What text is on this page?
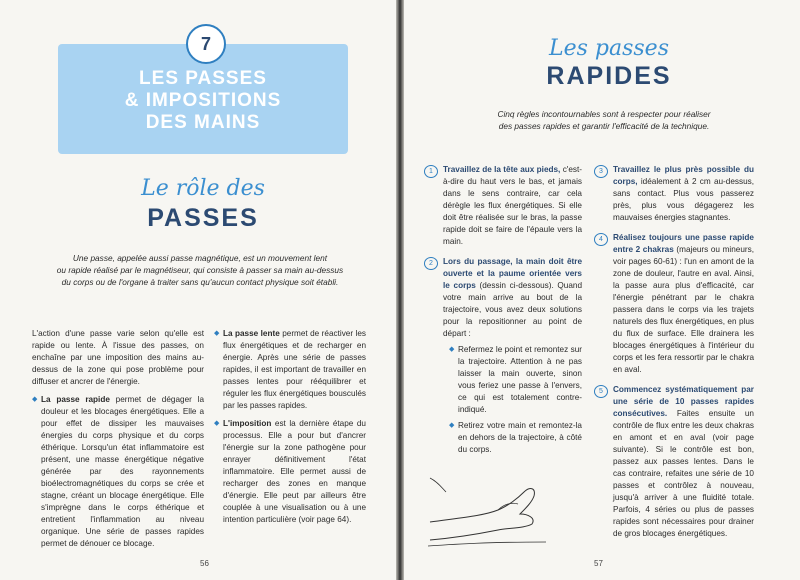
7
LES PASSES
& IMPOSITIONS
DES MAINS
Le rôle des
PASSES
Une passe, appelée aussi passe magnétique, est un mouvement lent
ou rapide réalisé par le magnétiseur, qui consiste à passer sa main au-dessus
du corps ou de l'organe à traiter sans qu'aucun contact physique soit établi.

L'action d'une passe varie selon qu'elle est rapide ou lente. À l'issue des passes, on enchaîne par une imposition des mains au-dessus de la zone qui pose problème pour diffuser et ancrer de l'énergie.

◆ La passe rapide permet de dégager la douleur et les blocages énergétiques. Elle a pour effet de dissiper les mauvaises énergies du corps physique et du corps éthérique. Lorsqu'un état inflammatoire est présent, une masse énergétique négative générée par des rayonnements bioélectromagnétiques du corps se crée et stagne, créant un blocage énergétique. Elle s'imprègne dans le corps éthérique et entretient l'inflammation au niveau organique. Une série de passes rapides permet de dénouer ce blocage.
◆ La passe lente permet de réactiver les flux énergétiques et de recharger en énergie. Après une série de passes rapides, il est important de travailler en passes lentes pour rééquilibrer et réguler les flux énergétiques bousculés par les passes rapides.
◆ L'imposition est la dernière étape du processus. Elle a pour but d'ancrer l'énergie sur la zone pathogène pour enrayer définitivement l'état inflammatoire. Elle permet aussi de recharger des zones en manque d'énergie. Elle peut par ailleurs être couplée à une visualisation ou à une intention particulière (voir page 64).
56
Les passes
RAPIDES
Cinq règles incontournables sont à respecter pour réaliser
des passes rapides et garantir l'efficacité de la technique.
1	Travaillez de la tête aux pieds, c'est-à-dire du haut vers le bas, et jamais dans le sens contraire, car cela dérègle les flux énergétiques. Si elle doit être réalisée sur le bras, la passe rapide doit se faire de l'épaule vers la main.
2	Lors du passage, la main doit être ouverte et la paume orientée vers le corps (dessin ci-dessous). Quand votre main arrive au bout de la trajectoire, vous avez deux solutions pour la repositionner au point de départ :
◆ Refermez le point et remontez sur la trajectoire. Attention à ne pas laisser la main ouverte, sinon vous feriez une passe à l'envers, ce qui est totalement contre-indiqué.
◆ Retirez votre main et remontez-la en dehors de la trajectoire, à côté du corps.
3	Travaillez le plus près possible du corps, idéalement à 2 cm au-dessus, sans contact. Plus vous passerez près, plus vous dégagerez les mauvaises énergies stagnantes.
4	Réalisez toujours une passe rapide entre 2 chakras (majeurs ou mineurs, voir pages 60-61) : l'un en amont de la zone de douleur, l'autre en aval. Ainsi, la passe aura plus d'efficacité, car l'énergie pénétrant par le chakra passera dans le corps via les trajets naturels des flux énergétiques, en plus du flux de surface. Elle drainera les blocages énergétiques à l'intérieur du corps et les fera ressortir par le chakra en aval.
5	Commencez systématiquement par une série de 10 passes rapides consécutives. Faites ensuite un contrôle de flux entre les deux chakras en amont et en aval (voir page suivante). Si le contrôle est bon, passez aux passes lentes. Dans le cas contraire, refaites une série de 10 passes et contrôlez à nouveau, jusqu'à arriver à une fluidité totale. Parfois, 4 séries ou plus de passes rapides sont nécessaires pour drainer de gros blocages énergétiques.
57
